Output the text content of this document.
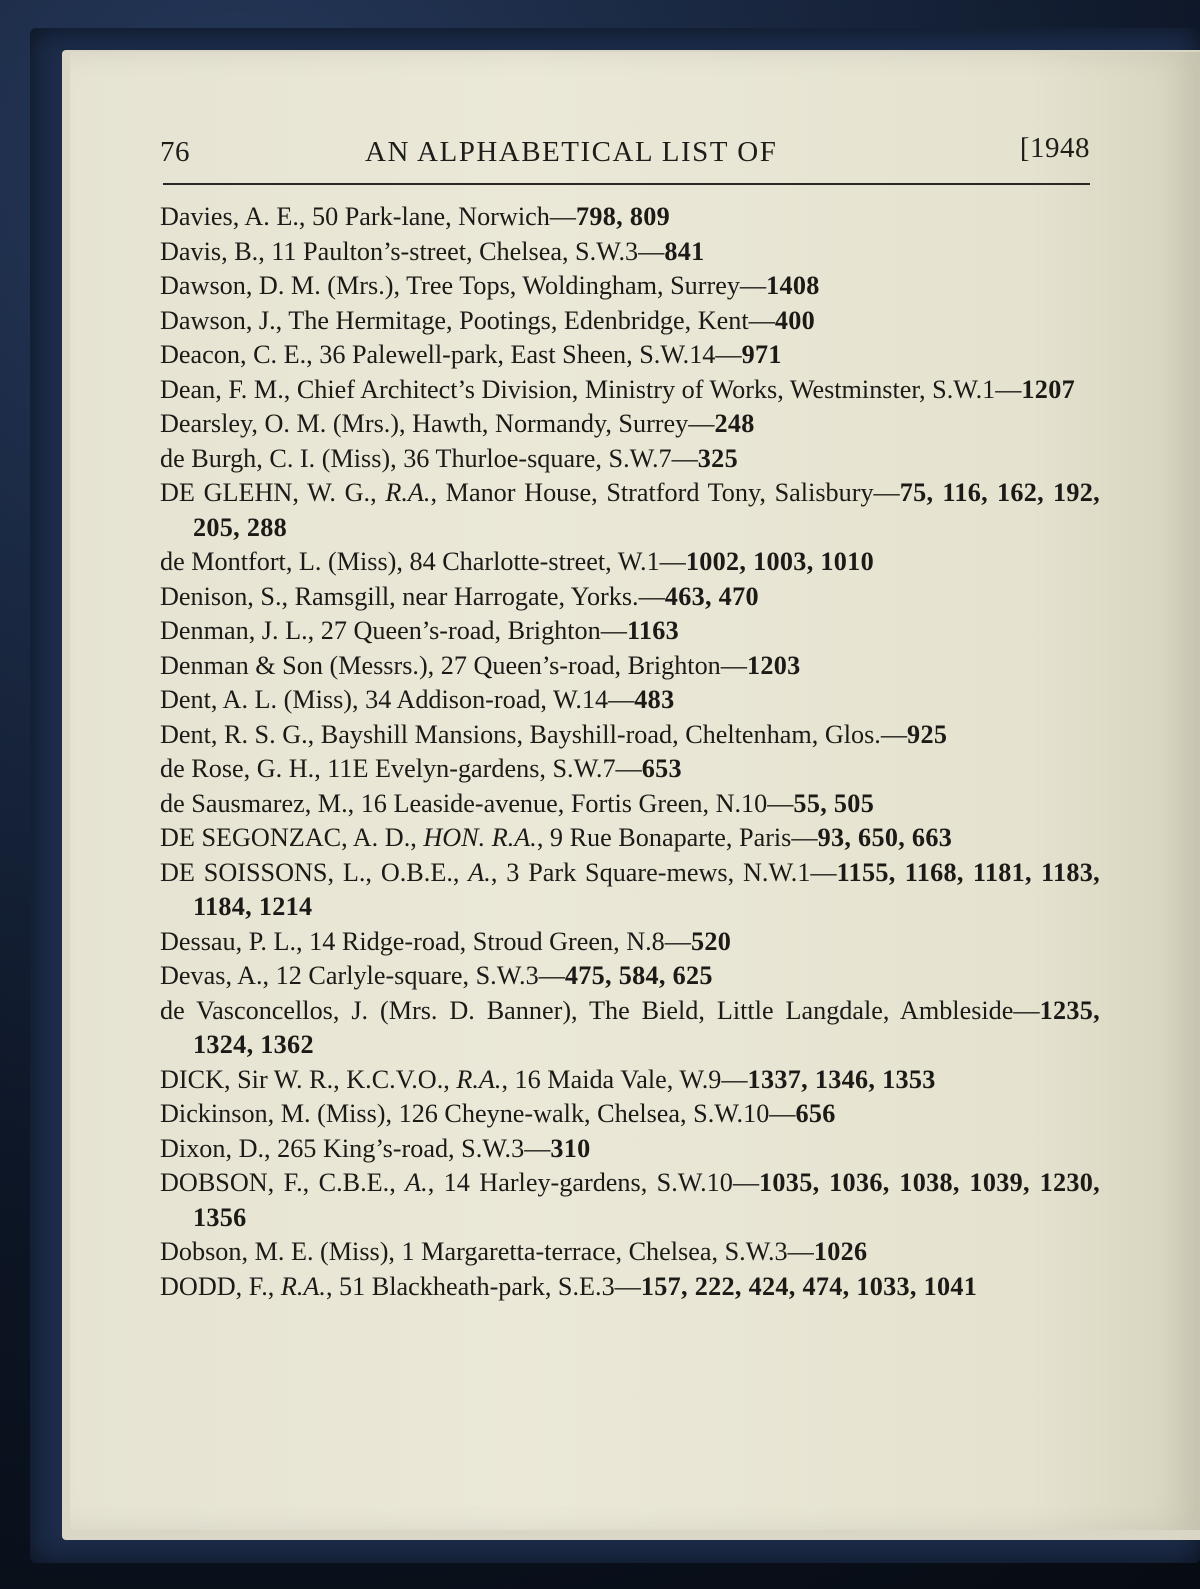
76	AN ALPHABETICAL LIST OF	[1948
Davies, A. E., 50 Park-lane, Norwich—798, 809
Davis, B., 11 Paulton’s-street, Chelsea, S.W.3—841
Dawson, D. M. (Mrs.), Tree Tops, Woldingham, Surrey—1408
Dawson, J., The Hermitage, Pootings, Edenbridge, Kent—400
Deacon, C. E., 36 Palewell-park, East Sheen, S.W.14—971
Dean, F. M., Chief Architect’s Division, Ministry of Works, Westminster, S.W.1—1207
Dearsley, O. M. (Mrs.), Hawth, Normandy, Surrey—248
de Burgh, C. I. (Miss), 36 Thurloe-square, S.W.7—325
DE GLEHN, W. G., R.A., Manor House, Stratford Tony, Salisbury—75, 116, 162, 192, 205, 288
de Montfort, L. (Miss), 84 Charlotte-street, W.1—1002, 1003, 1010
Denison, S., Ramsgill, near Harrogate, Yorks.—463, 470
Denman, J. L., 27 Queen’s-road, Brighton—1163
Denman & Son (Messrs.), 27 Queen’s-road, Brighton—1203
Dent, A. L. (Miss), 34 Addison-road, W.14—483
Dent, R. S. G., Bayshill Mansions, Bayshill-road, Cheltenham, Glos.—925
de Rose, G. H., 11E Evelyn-gardens, S.W.7—653
de Sausmarez, M., 16 Leaside-avenue, Fortis Green, N.10—55, 505
DE SEGONZAC, A. D., HON. R.A., 9 Rue Bonaparte, Paris—93, 650, 663
DE SOISSONS, L., O.B.E., A., 3 Park Square-mews, N.W.1—1155, 1168, 1181, 1183, 1184, 1214
Dessau, P. L., 14 Ridge-road, Stroud Green, N.8—520
Devas, A., 12 Carlyle-square, S.W.3—475, 584, 625
de Vasconcellos, J. (Mrs. D. Banner), The Bield, Little Langdale, Ambleside—1235, 1324, 1362
DICK, Sir W. R., K.C.V.O., R.A., 16 Maida Vale, W.9—1337, 1346, 1353
Dickinson, M. (Miss), 126 Cheyne-walk, Chelsea, S.W.10—656
Dixon, D., 265 King’s-road, S.W.3—310
DOBSON, F., C.B.E., A., 14 Harley-gardens, S.W.10—1035, 1036, 1038, 1039, 1230, 1356
Dobson, M. E. (Miss), 1 Margaretta-terrace, Chelsea, S.W.3—1026
DODD, F., R.A., 51 Blackheath-park, S.E.3—157, 222, 424, 474, 1033, 1041
